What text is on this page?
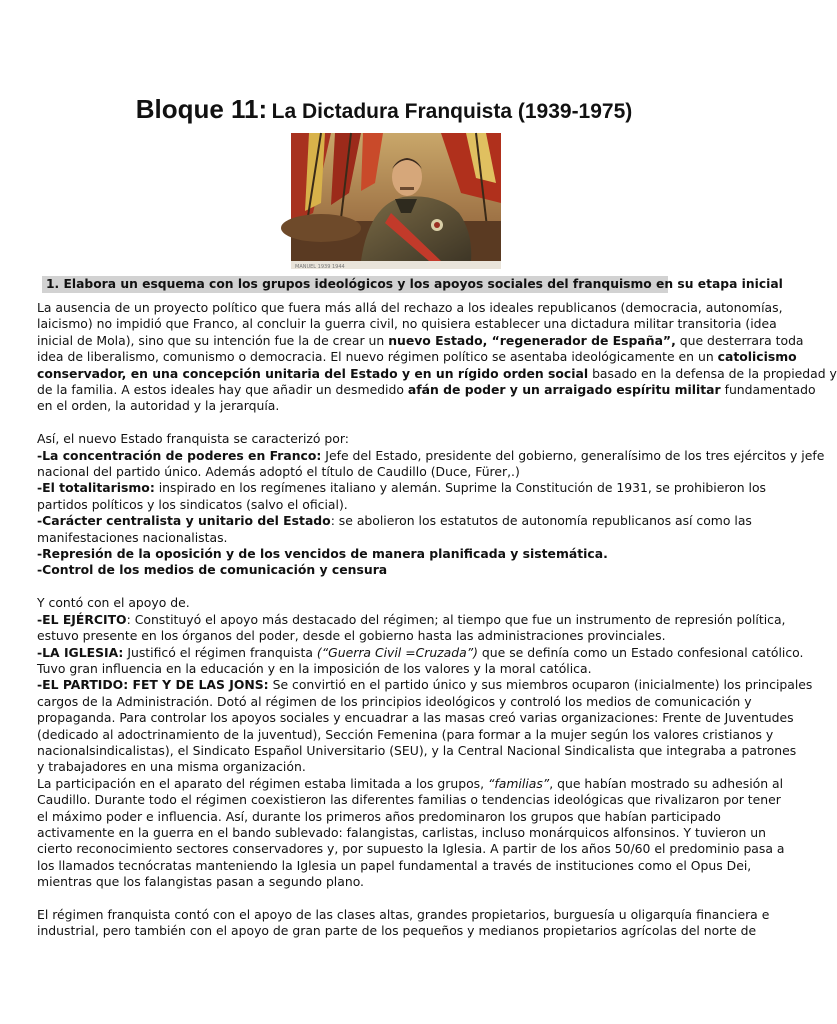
Bloque 11: La Dictadura Franquista (1939-1975)
MANUEL 1939 1944
1. Elabora un esquema con los grupos ideológicos y los apoyos sociales del franquismo en su etapa inicial

La ausencia de un proyecto político que fuera más allá del rechazo a los ideales republicanos (democracia, autonomías,

laicismo) no impidió que Franco, al concluir la guerra civil, no quisiera establecer una dictadura militar transitoria (idea

inicial de Mola), sino que su intención fue la de crear un nuevo Estado, “regenerador de España”, que desterrara toda

idea de liberalismo, comunismo o democracia. El nuevo régimen político se asentaba ideológicamente en un catolicismo

conservador, en una concepción unitaria del Estado y en un rígido orden social basado en la defensa de la propiedad y

de la familia. A estos ideales hay que añadir un desmedido afán de poder y un arraigado espíritu militar fundamentado

en el orden, la autoridad y la jerarquía.

Así, el nuevo Estado franquista se caracterizó por:

-La concentración de poderes en Franco: Jefe del Estado, presidente del gobierno, generalísimo de los tres ejércitos y jefe

nacional del partido único. Además adoptó el título de Caudillo (Duce, Fürer,.)

-El totalitarismo: inspirado en los regímenes italiano y alemán. Suprime la Constitución de 1931, se prohibieron los

partidos políticos y los sindicatos (salvo el oficial).

-Carácter centralista y unitario del Estado: se abolieron los estatutos de autonomía republicanos así como las

manifestaciones nacionalistas.

-Represión de la oposición y de los vencidos de manera planificada y sistemática.

-Control de los medios de comunicación y censura

Y contó con el apoyo de.

-EL EJÉRCITO: Constituyó el apoyo más destacado del régimen; al tiempo que fue un instrumento de represión política,

estuvo presente en los órganos del poder, desde el gobierno hasta las administraciones provinciales.

-LA IGLESIA: Justificó el régimen franquista (“Guerra Civil =Cruzada”) que se definía como un Estado confesional católico.

Tuvo gran influencia en la educación y en la imposición de los valores y la moral católica.

-EL PARTIDO: FET Y DE LAS JONS: Se convirtió en el partido único y sus miembros ocuparon (inicialmente) los principales

cargos de la Administración. Dotó al régimen de los principios ideológicos y controló los medios de comunicación y

propaganda. Para controlar los apoyos sociales y encuadrar a las masas creó varias organizaciones: Frente de Juventudes

(dedicado al adoctrinamiento de la juventud), Sección Femenina (para formar a la mujer según los valores cristianos y

nacionalsindicalistas), el Sindicato Español Universitario (SEU), y la Central Nacional Sindicalista que integraba a patrones

y trabajadores en una misma organización.

La participación en el aparato del régimen estaba limitada a los grupos, “familias”, que habían mostrado su adhesión al

Caudillo. Durante todo el régimen coexistieron las diferentes familias o tendencias ideológicas que rivalizaron por tener

el máximo poder e influencia. Así, durante los primeros años predominaron los grupos que habían participado

activamente en la guerra en el bando sublevado: falangistas, carlistas, incluso monárquicos alfonsinos. Y tuvieron un

cierto reconocimiento sectores conservadores y, por supuesto la Iglesia. A partir de los años 50/60 el predominio pasa a

los llamados tecnócratas manteniendo la Iglesia un papel fundamental a través de instituciones como el Opus Dei,

mientras que los falangistas pasan a segundo plano.

El régimen franquista contó con el apoyo de las clases altas, grandes propietarios, burguesía u oligarquía financiera e

industrial, pero también con el apoyo de gran parte de los pequeños y medianos propietarios agrícolas del norte de
